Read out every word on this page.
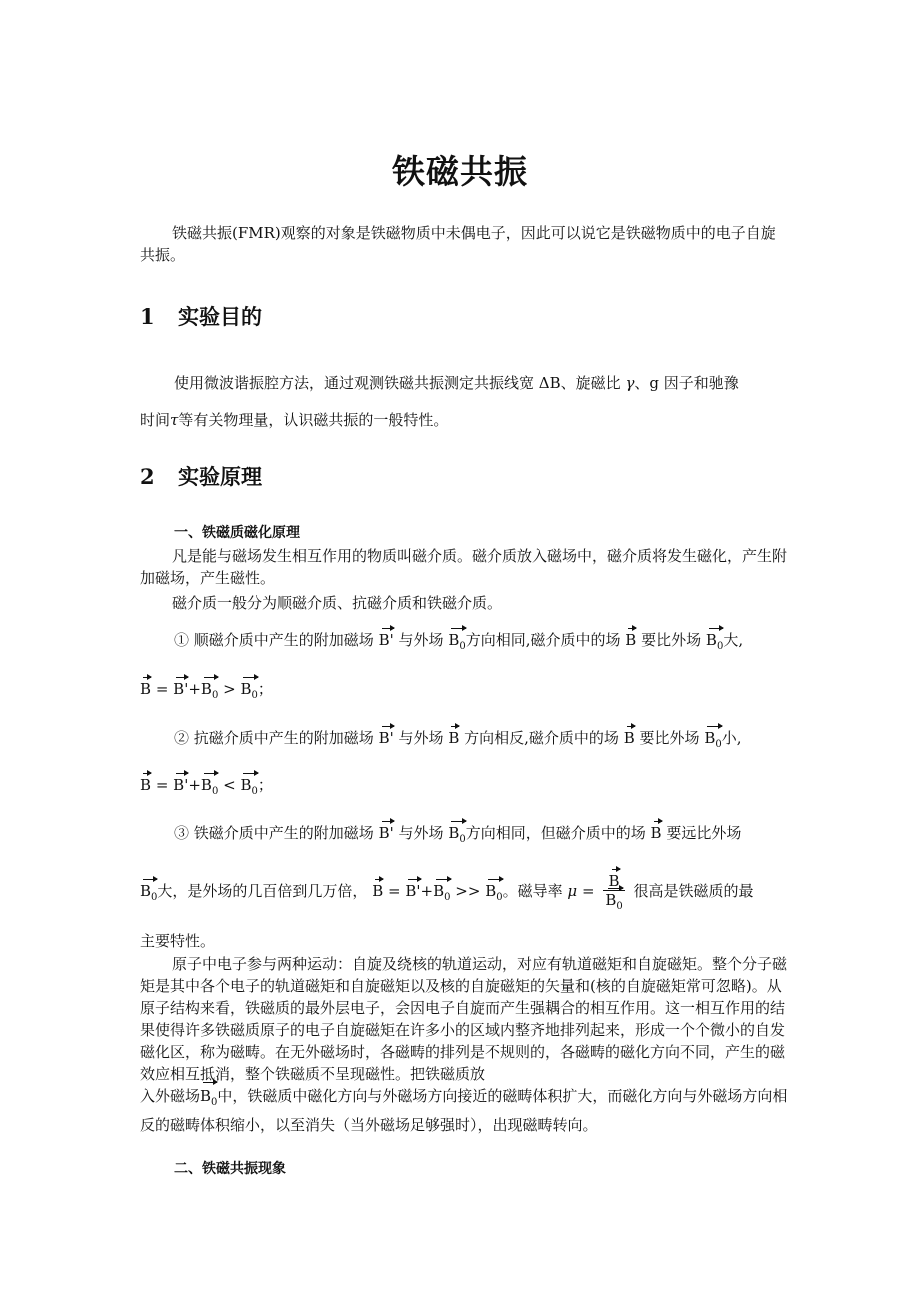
铁磁共振
铁磁共振(FMR)观察的对象是铁磁物质中未偶电子，因此可以说它是铁磁物质中的电子自旋共振。
1 实验目的
使用微波谐振腔方法，通过观测铁磁共振测定共振线宽 ΔB、旋磁比 γ、g 因子和驰豫
时间τ等有关物理量，认识磁共振的一般特性。
2 实验原理
一、铁磁质磁化原理
凡是能与磁场发生相互作用的物质叫磁介质。磁介质放入磁场中，磁介质将发生磁化，产生附加磁场，产生磁性。
磁介质一般分为顺磁介质、抗磁介质和铁磁介质。
① 顺磁介质中产生的附加磁场 B' 与外场 $B_0$方向相同,磁介质中的场 B 要比外场 $B_0$大,
$B = B'+B_0 > B_0$；
② 抗磁介质中产生的附加磁场 B' 与外场 B 方向相反,磁介质中的场 B 要比外场 $B_0$小,
$B = B'+B_0 < B_0$；
③ 铁磁介质中产生的附加磁场 B' 与外场 $B_0$方向相同，但磁介质中的场 B 要远比外场
$B_0$大，是外场的几百倍到几万倍， $B = B'+B_0 >> B_0$。磁导率 $\mu = \frac{B}{B_0}$ 很高是铁磁质的最
主要特性。
原子中电子参与两种运动：自旋及绕核的轨道运动，对应有轨道磁矩和自旋磁矩。整个分子磁矩是其中各个电子的轨道磁矩和自旋磁矩以及核的自旋磁矩的矢量和(核的自旋磁矩常可忽略)。从原子结构来看，铁磁质的最外层电子，会因电子自旋而产生强耦合的相互作用。这一相互作用的结果使得许多铁磁质原子的电子自旋磁矩在许多小的区域内整齐地排列起来，形成一个个微小的自发磁化区，称为磁畴。在无外磁场时，各磁畴的排列是不规则的，各磁畴的磁化方向不同，产生的磁效应相互抵消，整个铁磁质不呈现磁性。把铁磁质放
入外磁场$B_0$中，铁磁质中磁化方向与外磁场方向接近的磁畴体积扩大，而磁化方向与外磁场方向相反的磁畴体积缩小，以至消失（当外磁场足够强时），出现磁畴转向。
二、铁磁共振现象
